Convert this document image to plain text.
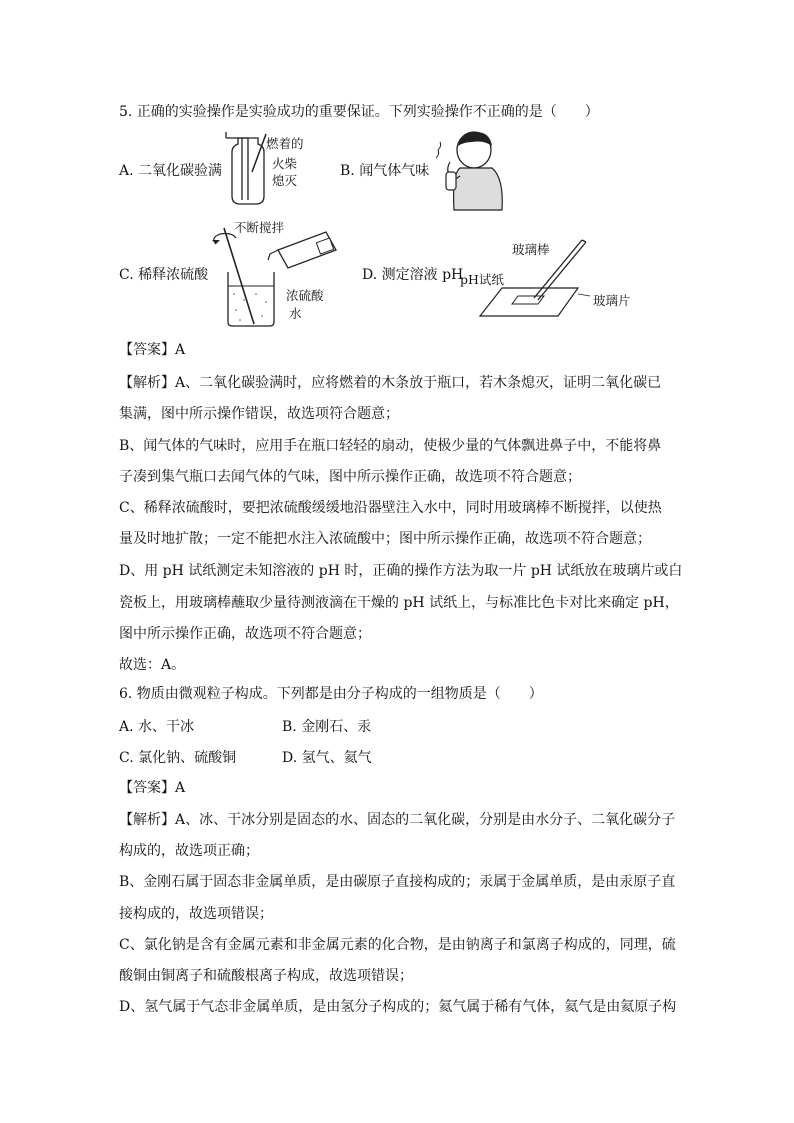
5. 正确的实验操作是实验成功的重要保证。下列实验操作不正确的是（　　）
A. 二氧化碳验满
燃着的
火柴
熄灭
B. 闻气体气味
C. 稀释浓硫酸
不断搅拌
浓硫酸
水
D. 测定溶液 pH
玻璃棒
pH试纸
玻璃片
【答案】A
【解析】A、二氧化碳验满时，应将燃着的木条放于瓶口，若木条熄灭，证明二氧化碳已
集满，图中所示操作错误，故选项符合题意；
B、闻气体的气味时，应用手在瓶口轻轻的扇动，使极少量的气体飘进鼻子中，不能将鼻
子凑到集气瓶口去闻气体的气味，图中所示操作正确，故选项不符合题意；
C、稀释浓硫酸时，要把浓硫酸缓缓地沿器壁注入水中，同时用玻璃棒不断搅拌，以使热
量及时地扩散；一定不能把水注入浓硫酸中；图中所示操作正确，故选项不符合题意；
D、用 pH 试纸测定未知溶液的 pH 时，正确的操作方法为取一片 pH 试纸放在玻璃片或白
瓷板上，用玻璃棒蘸取少量待测液滴在干燥的 pH 试纸上，与标准比色卡对比来确定 pH，
图中所示操作正确，故选项不符合题意；
故选：A。
6. 物质由微观粒子构成。下列都是由分子构成的一组物质是（　　）
A. 水、干冰	B. 金刚石、汞
C. 氯化钠、硫酸铜	D. 氢气、氦气
【答案】A
【解析】A、冰、干冰分别是固态的水、固态的二氧化碳，分别是由水分子、二氧化碳分子
构成的，故选项正确；
B、金刚石属于固态非金属单质，是由碳原子直接构成的；汞属于金属单质，是由汞原子直
接构成的，故选项错误；
C、氯化钠是含有金属元素和非金属元素的化合物，是由钠离子和氯离子构成的，同理，硫
酸铜由铜离子和硫酸根离子构成，故选项错误；
D、氢气属于气态非金属单质，是由氢分子构成的；氦气属于稀有气体，氦气是由氦原子构
